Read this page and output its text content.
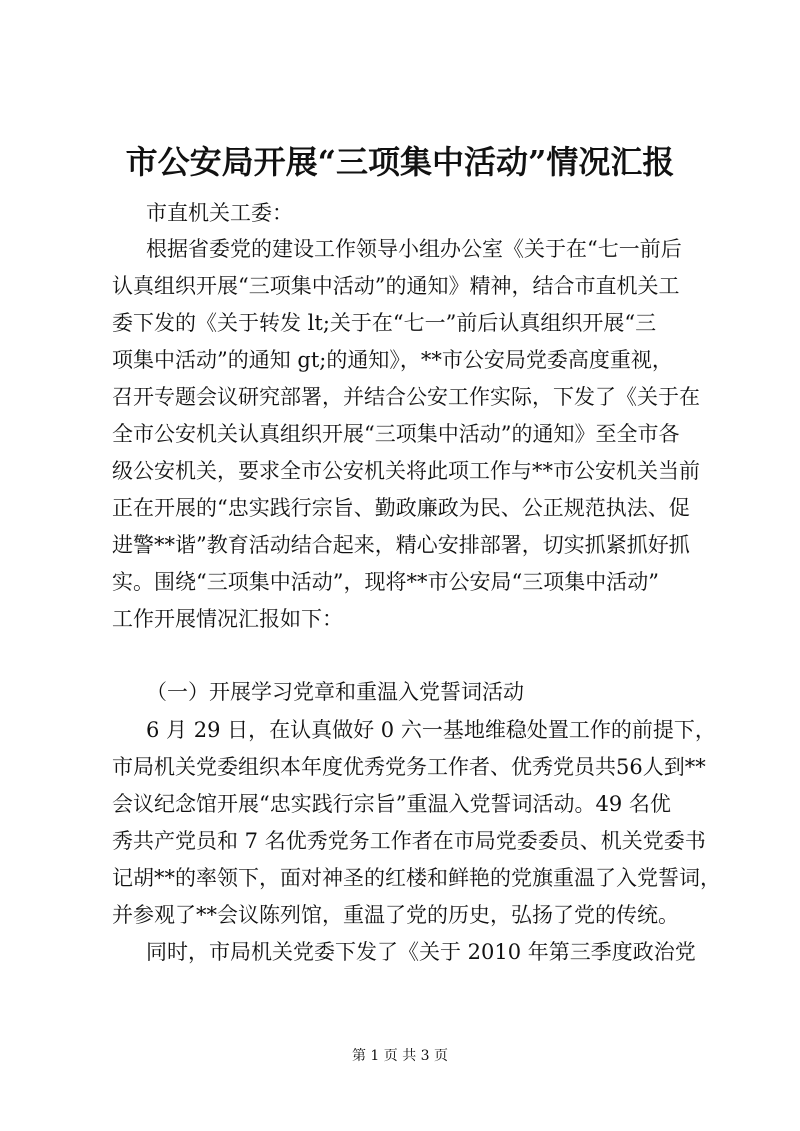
市公安局开展“三项集中活动”情况汇报
市直机关工委：
根据省委党的建设工作领导小组办公室《关于在“七一前后
认真组织开展“三项集中活动”的通知》精神，结合市直机关工
委下发的《关于转发 lt;关于在“七一”前后认真组织开展“三
项集中活动”的通知 gt;的通知》，**市公安局党委高度重视，
召开专题会议研究部署，并结合公安工作实际，下发了《关于在
全市公安机关认真组织开展“三项集中活动”的通知》至全市各
级公安机关，要求全市公安机关将此项工作与**市公安机关当前
正在开展的“忠实践行宗旨、勤政廉政为民、公正规范执法、促
进警**谐”教育活动结合起来，精心安排部署，切实抓紧抓好抓
实。围绕“三项集中活动”，现将**市公安局“三项集中活动”
工作开展情况汇报如下：
（一）开展学习党章和重温入党誓词活动
6 月 29 日，在认真做好 0 六一基地维稳处置工作的前提下，
市局机关党委组织本年度优秀党务工作者、优秀党员共56人到**
会议纪念馆开展“忠实践行宗旨”重温入党誓词活动。49 名优
秀共产党员和 7 名优秀党务工作者在市局党委委员、机关党委书
记胡**的率领下，面对神圣的红楼和鲜艳的党旗重温了入党誓词，
并参观了**会议陈列馆，重温了党的历史，弘扬了党的传统。
同时，市局机关党委下发了《关于 2010 年第三季度政治党
第 1 页 共 3 页
